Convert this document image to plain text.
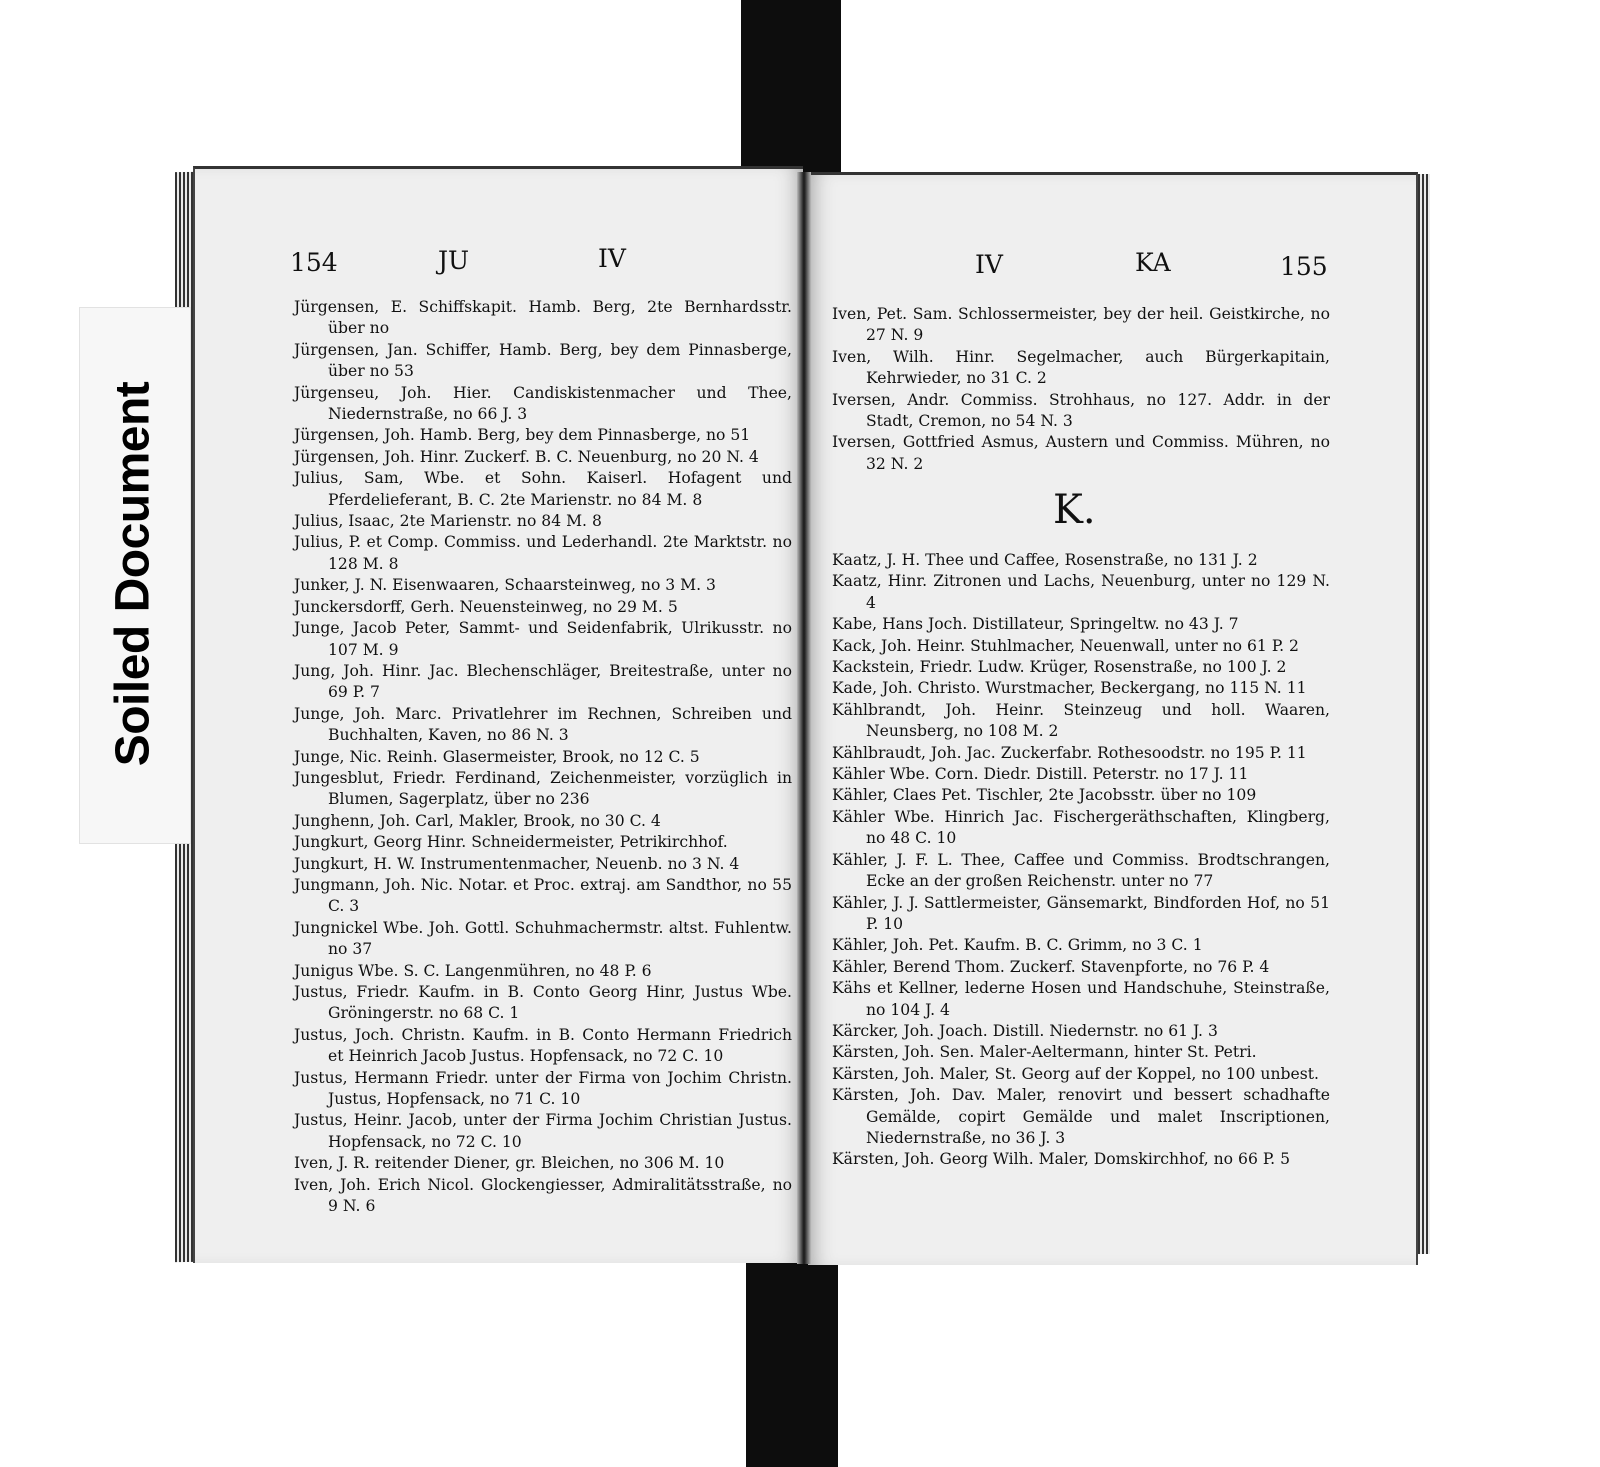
Soiled Document
154	JU	IV	IV	KA	155
Jürgensen, E. Schiffskapit. Hamb. Berg, 2te Bernhardsstr. über no
Jürgensen, Jan. Schiffer, Hamb. Berg, bey dem Pinnasberge, über no 53
Jürgenseu, Joh. Hier. Candiskistenmacher und Thee, Niedernstraße, no 66 J. 3
Jürgensen, Joh. Hamb. Berg, bey dem Pinnasberge, no 51
Jürgensen, Joh. Hinr. Zuckerf. B. C. Neuenburg, no 20 N. 4
Julius, Sam, Wbe. et Sohn. Kaiserl. Hofagent und Pferdelieferant, B. C. 2te Marienstr. no 84 M. 8
Julius, Isaac, 2te Marienstr. no 84 M. 8
Julius, P. et Comp. Commiss. und Lederhandl. 2te Marktstr. no 128 M. 8
Junker, J. N. Eisenwaaren, Schaarsteinweg, no 3 M. 3
Junckersdorff, Gerh. Neuensteinweg, no 29 M. 5
Junge, Jacob Peter, Sammt- und Seidenfabrik, Ulrikusstr. no 107 M. 9
Jung, Joh. Hinr. Jac. Blechenschläger, Breitestraße, unter no 69 P. 7
Junge, Joh. Marc. Privatlehrer im Rechnen, Schreiben und Buchhalten, Kaven, no 86 N. 3
Junge, Nic. Reinh. Glasermeister, Brook, no 12 C. 5
Jungesblut, Friedr. Ferdinand, Zeichenmeister, vorzüglich in Blumen, Sagerplatz, über no 236
Junghenn, Joh. Carl, Makler, Brook, no 30 C. 4
Jungkurt, Georg Hinr. Schneidermeister, Petrikirchhof.
Jungkurt, H. W. Instrumentenmacher, Neuenb. no 3 N. 4
Jungmann, Joh. Nic. Notar. et Proc. extraj. am Sandthor, no 55 C. 3
Jungnickel Wbe. Joh. Gottl. Schuhmachermstr. altst. Fuhlentw. no 37
Junigus Wbe. S. C. Langenmühren, no 48 P. 6
Justus, Friedr. Kaufm. in B. Conto Georg Hinr, Justus Wbe. Gröningerstr. no 68 C. 1
Justus, Joch. Christn. Kaufm. in B. Conto Hermann Friedrich et Heinrich Jacob Justus. Hopfensack, no 72 C. 10
Justus, Hermann Friedr. unter der Firma von Jochim Christn. Justus, Hopfensack, no 71 C. 10
Justus, Heinr. Jacob, unter der Firma Jochim Christian Justus. Hopfensack, no 72 C. 10
Iven, J. R. reitender Diener, gr. Bleichen, no 306 M. 10
Iven, Joh. Erich Nicol. Glockengiesser, Admiralitätsstraße, no 9 N. 6
Iven, Pet. Sam. Schlossermeister, bey der heil. Geistkirche, no 27 N. 9
Iven, Wilh. Hinr. Segelmacher, auch Bürgerkapitain, Kehrwieder, no 31 C. 2
Iversen, Andr. Commiss. Strohhaus, no 127. Addr. in der Stadt, Cremon, no 54 N. 3
Iversen, Gottfried Asmus, Austern und Commiss. Mühren, no 32 N. 2
K.
Kaatz, J. H. Thee und Caffee, Rosenstraße, no 131 J. 2
Kaatz, Hinr. Zitronen und Lachs, Neuenburg, unter no 129 N. 4
Kabe, Hans Joch. Distillateur, Springeltw. no 43 J. 7
Kack, Joh. Heinr. Stuhlmacher, Neuenwall, unter no 61 P. 2
Kackstein, Friedr. Ludw. Krüger, Rosenstraße, no 100 J. 2
Kade, Joh. Christo. Wurstmacher, Beckergang, no 115 N. 11
Kählbrandt, Joh. Heinr. Steinzeug und holl. Waaren, Neunsberg, no 108 M. 2
Kählbraudt, Joh. Jac. Zuckerfabr. Rothesoodstr. no 195 P. 11
Kähler Wbe. Corn. Diedr. Distill. Peterstr. no 17 J. 11
Kähler, Claes Pet. Tischler, 2te Jacobsstr. über no 109
Kähler Wbe. Hinrich Jac. Fischergeräthschaften, Klingberg, no 48 C. 10
Kähler, J. F. L. Thee, Caffee und Commiss. Brodtschrangen, Ecke an der großen Reichenstr. unter no 77
Kähler, J. J. Sattlermeister, Gänsemarkt, Bindforden Hof, no 51 P. 10
Kähler, Joh. Pet. Kaufm. B. C. Grimm, no 3 C. 1
Kähler, Berend Thom. Zuckerf. Stavenpforte, no 76 P. 4
Kähs et Kellner, lederne Hosen und Handschuhe, Steinstraße, no 104 J. 4
Kärcker, Joh. Joach. Distill. Niedernstr. no 61 J. 3
Kärsten, Joh. Sen. Maler-Aeltermann, hinter St. Petri.
Kärsten, Joh. Maler, St. Georg auf der Koppel, no 100 unbest.
Kärsten, Joh. Dav. Maler, renovirt und bessert schadhafte Gemälde, copirt Gemälde und malet Inscriptionen, Niedernstraße, no 36 J. 3
Kärsten, Joh. Georg Wilh. Maler, Domskirchhof, no 66 P. 5
